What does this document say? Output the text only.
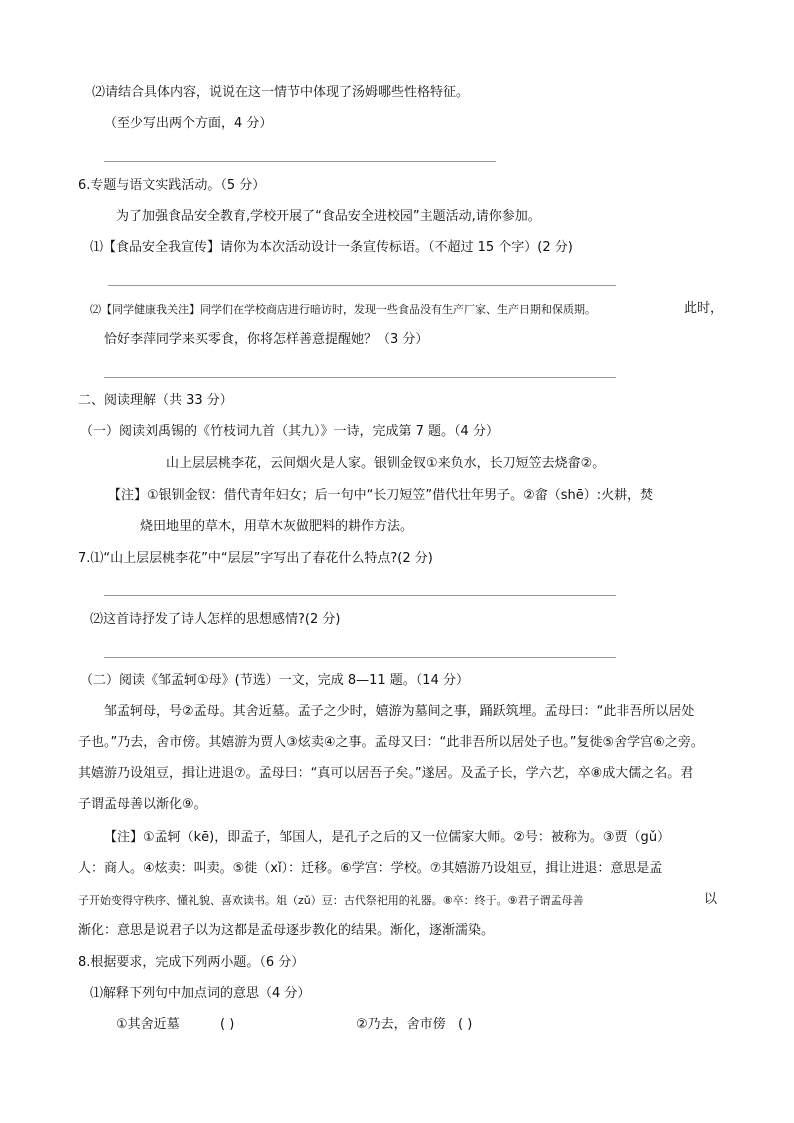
⑵请结合具体内容，说说在这一情节中体现了汤姆哪些性格特征。
（至少写出两个方面，4 分）
6.专题与语文实践活动。（5 分）
为了加强食品安全教育,学校开展了“食品安全进校园”主题活动,请你参加。
⑴【食品安全我宣传】请你为本次活动设计一条宣传标语。（不超过 15 个字）(2 分)
⑵【同学健康我关注】同学们在学校商店进行暗访时，发现一些食品没有生产厂家、生产日期和保质期。	此时，
恰好李萍同学来买零食，你将怎样善意提醒她？（3 分）
二、阅读理解（共 33 分）
（一）阅读刘禹锡的《竹枝词九首（其九）》一诗，完成第 7 题。（4 分）
山上层层桃李花，云间烟火是人家。银钏金钗①来负水，长刀短笠去烧畲②。
【注】①银钏金钗：借代青年妇女；后一句中“长刀短笠”借代壮年男子。②畲（shē）:火耕，焚
烧田地里的草木，用草木灰做肥料的耕作方法。
7.⑴“山上层层桃李花”中“层层”字写出了春花什么特点?(2 分)
⑵这首诗抒发了诗人怎样的思想感情?(2 分)
（二）阅读《邹孟轲①母》(节选）一文，完成 8—11 题。（14 分）
邹孟轲母，号②孟母。其舍近墓。孟子之少时，嬉游为墓间之事，踊跃筑埋。孟母曰：“此非吾所以居处
子也。”乃去，舍市傍。其嬉游为贾人③炫卖④之事。孟母又曰：“此非吾所以居处子也。”复徙⑤舍学宫⑥之旁。
其嬉游乃设俎豆，揖让进退⑦。孟母曰：“真可以居吾子矣。”遂居。及孟子长，学六艺，卒⑧成大儒之名。君
子谓孟母善以渐化⑨。
【注】①孟轲（kē)，即孟子，邹国人，是孔子之后的又一位儒家大师。②号：被称为。③贾（gǔ）
人：商人。④炫卖：叫卖。⑤徙（xǐ）：迁移。⑥学宫：学校。⑦其嬉游乃设俎豆，揖让进退：意思是孟
子开始变得守秩序、懂礼貌、喜欢读书。俎（zǔ）豆：古代祭祀用的礼器。⑧卒：终于。⑨君子谓孟母善	以
渐化：意思是说君子以为这都是孟母逐步教化的结果。渐化，逐渐濡染。
8.根据要求，完成下列两小题。（6 分）
⑴解释下列句中加点词的意思（4 分）
①其舍近墓	( )	②乃去，舍市傍 ( )
